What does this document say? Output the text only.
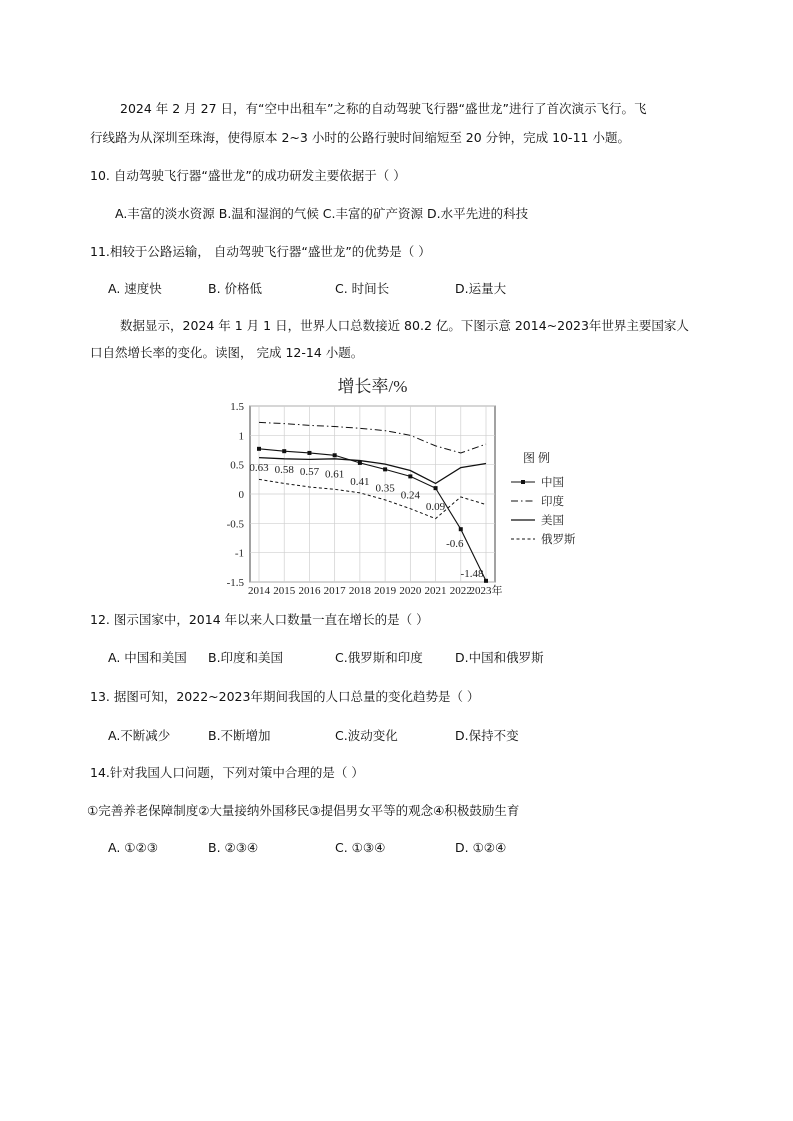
2024 年 2 月 27 日，有“空中出租车”之称的自动驾驶飞行器“盛世龙”进行了首次演示飞行。飞
行线路为从深圳至珠海，使得原本 2~3 小时的公路行驶时间缩短至 20 分钟，完成 10-11 小题。
10. 自动驾驶飞行器“盛世龙”的成功研发主要依据于（ ）
A.丰富的淡水资源 B.温和湿润的气候 C.丰富的矿产资源 D.水平先进的科技
11.相较于公路运输， 自动驾驶飞行器“盛世龙”的优势是（ ）
A. 速度快	B. 价格低	C. 时间长	D.运量大
数据显示，2024 年 1 月 1 日，世界人口总数接近 80.2 亿。下图示意 2014~2023年世界主要国家人
口自然增长率的变化。读图， 完成 12-14 小题。
增长率/%
1.5
1
0.5
0
-0.5
-1
-1.5
2014 2015 2016 2017 2018 2019 2020 2021 2022
2023年
0.63 0.58 0.57 0.61
0.41
0.35
0.24
0.09
-0.6
-1.48
图 例
中国
印度
美国
俄罗斯
12. 图示国家中，2014 年以来人口数量一直在增长的是（ ）
A. 中国和美国 B.印度和美国	C.俄罗斯和印度	D.中国和俄罗斯
13. 据图可知，2022~2023年期间我国的人口总量的变化趋势是（ ）
A.不断减少	B.不断增加	C.波动变化	D.保持不变
14.针对我国人口问题，下列对策中合理的是（ ）
①完善养老保障制度②大量接纳外国移民③提倡男女平等的观念④积极鼓励生育
A. ①②③	B. ②③④	C. ①③④	D. ①②④
